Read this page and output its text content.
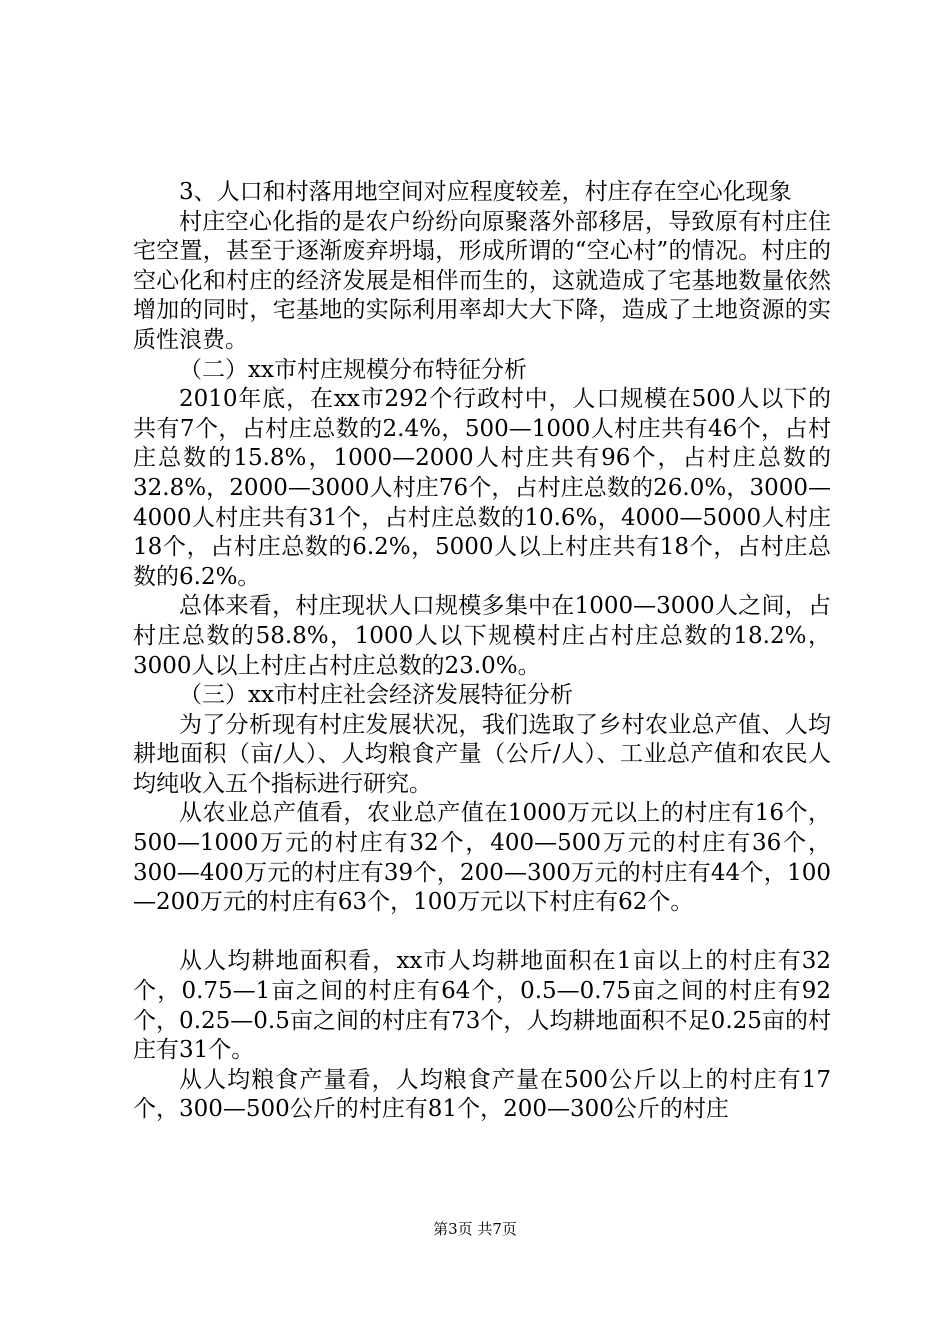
3、人口和村落用地空间对应程度较差，村庄存在空心化现象

村庄空心化指的是农户纷纷向原聚落外部移居，导致原有村庄住宅空置，甚至于逐渐废弃坍塌，形成所谓的“空心村”的情况。村庄的空心化和村庄的经济发展是相伴而生的，这就造成了宅基地数量依然增加的同时，宅基地的实际利用率却大大下降，造成了土地资源的实质性浪费。

（二）xx市村庄规模分布特征分析

2010年底，在xx市292个行政村中，人口规模在500人以下的共有7个，占村庄总数的2.4%，500—1000人村庄共有46个，占村庄总数的15.8%，1000—2000人村庄共有96个，占村庄总数的32.8%，2000—3000人村庄76个，占村庄总数的26.0%，3000—4000人村庄共有31个，占村庄总数的10.6%，4000—5000人村庄18个，占村庄总数的6.2%，5000人以上村庄共有18个，占村庄总数的6.2%。

总体来看，村庄现状人口规模多集中在1000—3000人之间，占村庄总数的58.8%，1000人以下规模村庄占村庄总数的18.2%，3000人以上村庄占村庄总数的23.0%。

（三）xx市村庄社会经济发展特征分析

为了分析现有村庄发展状况，我们选取了乡村农业总产值、人均耕地面积（亩/人）、人均粮食产量（公斤/人）、工业总产值和农民人均纯收入五个指标进行研究。

从农业总产值看，农业总产值在1000万元以上的村庄有16个，500—1000万元的村庄有32个，400—500万元的村庄有36个，300—400万元的村庄有39个，200—300万元的村庄有44个，100—200万元的村庄有63个，100万元以下村庄有62个。

从人均耕地面积看，xx市人均耕地面积在1亩以上的村庄有32个，0.75—1亩之间的村庄有64个，0.5—0.75亩之间的村庄有92个，0.25—0.5亩之间的村庄有73个，人均耕地面积不足0.25亩的村庄有31个。

从人均粮食产量看，人均粮食产量在500公斤以上的村庄有17个，300—500公斤的村庄有81个，200—300公斤的村庄

第3页 共7页
